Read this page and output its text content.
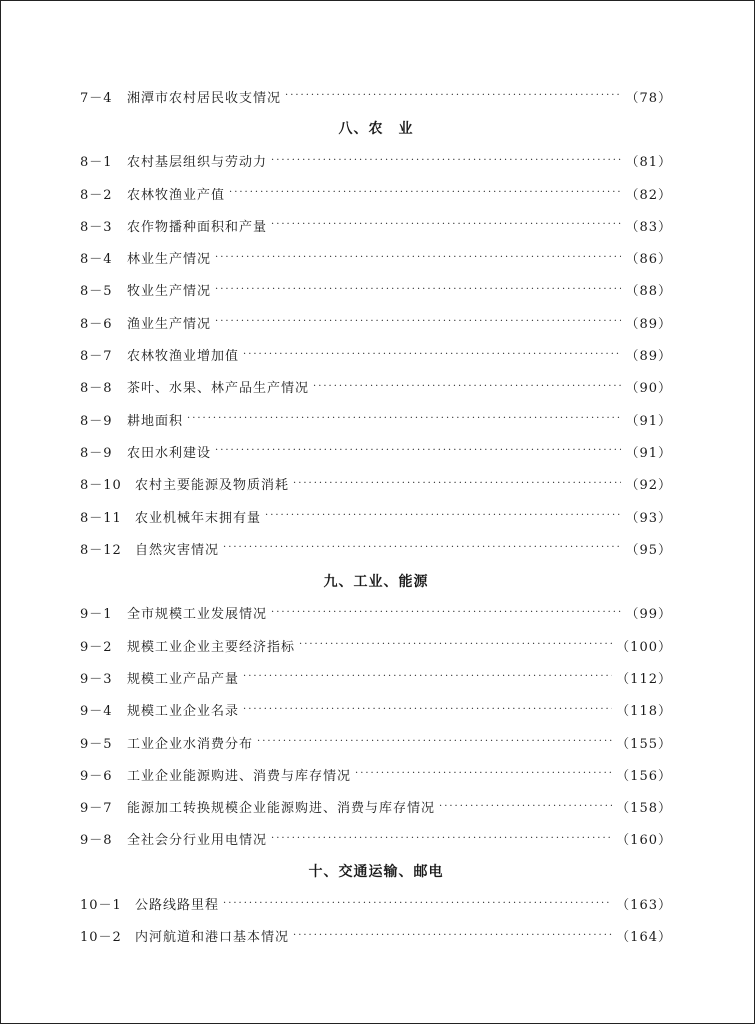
7－4	湘潭市农村居民收支情况 ·····	（78）
八、农　业
8－1	农村基层组织与劳动力 ·····	（81）
8－2	农林牧渔业产值 ·····	（82）
8－3	农作物播种面积和产量 ·····	（83）
8－4	林业生产情况 ·····	（86）
8－5	牧业生产情况 ·····	（88）
8－6	渔业生产情况 ·····	（89）
8－7	农林牧渔业增加值 ·····	（89）
8－8	茶叶、水果、林产品生产情况 ·····	（90）
8－9	耕地面积 ·····	（91）
8－9	农田水利建设 ·····	（91）
8－10	农村主要能源及物质消耗 ·····	（92）
8－11	农业机械年末拥有量 ·····	（93）
8－12	自然灾害情况 ·····	（95）
九、工业、能源
9－1	全市规模工业发展情况 ·····	（99）
9－2	规模工业企业主要经济指标 ·····	（100）
9－3	规模工业产品产量 ·····	（112）
9－4	规模工业企业名录 ·····	（118）
9－5	工业企业水消费分布 ·····	（155）
9－6	工业企业能源购进、消费与库存情况 ·····	（156）
9－7	能源加工转换规模企业能源购进、消费与库存情况 ·····	（158）
9－8	全社会分行业用电情况 ·····	（160）
十、交通运输、邮电
10－1	公路线路里程 ·····	（163）
10－2	内河航道和港口基本情况 ·····	（164）
